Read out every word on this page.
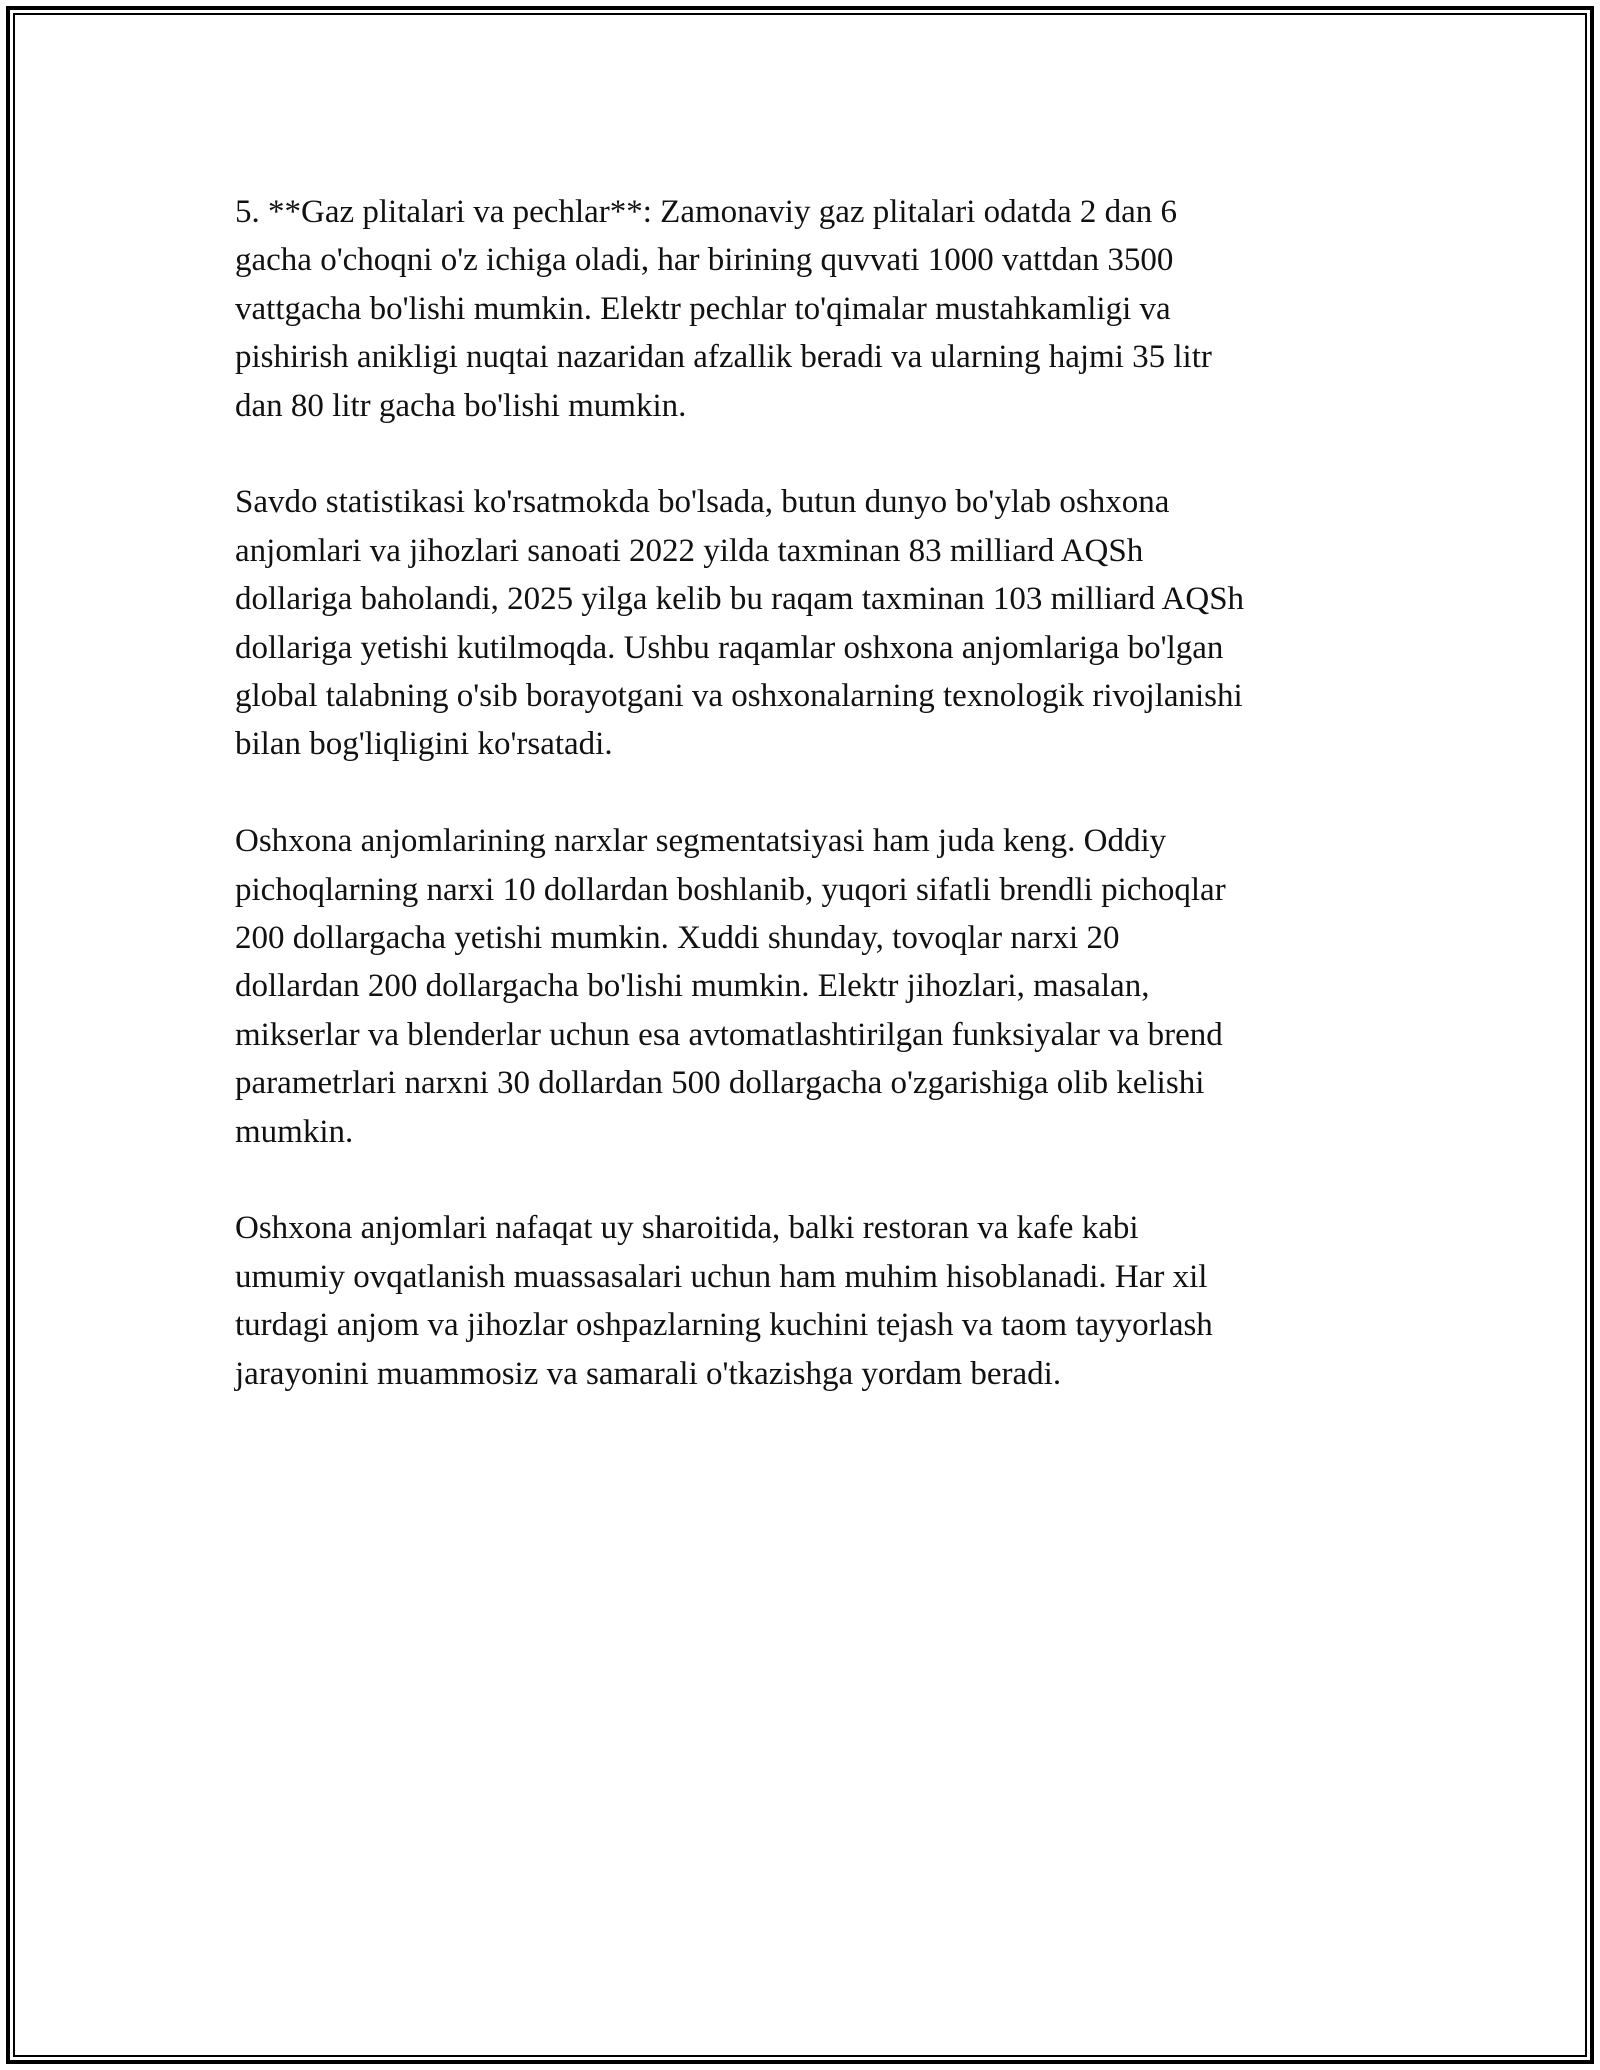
5. **Gaz plitalari va pechlar**: Zamonaviy gaz plitalari odatda 2 dan 6
gacha o'choqni o'z ichiga oladi, har birining quvvati 1000 vattdan 3500
vattgacha bo'lishi mumkin. Elektr pechlar to'qimalar mustahkamligi va
pishirish anikligi nuqtai nazaridan afzallik beradi va ularning hajmi 35 litr
dan 80 litr gacha bo'lishi mumkin.

Savdo statistikasi ko'rsatmokda bo'lsada, butun dunyo bo'ylab oshxona
anjomlari va jihozlari sanoati 2022 yilda taxminan 83 milliard AQSh
dollariga baholandi, 2025 yilga kelib bu raqam taxminan 103 milliard AQSh
dollariga yetishi kutilmoqda. Ushbu raqamlar oshxona anjomlariga bo'lgan
global talabning o'sib borayotgani va oshxonalarning texnologik rivojlanishi
bilan bog'liqligini ko'rsatadi.

Oshxona anjomlarining narxlar segmentatsiyasi ham juda keng. Oddiy
pichoqlarning narxi 10 dollardan boshlanib, yuqori sifatli brendli pichoqlar
200 dollargacha yetishi mumkin. Xuddi shunday, tovoqlar narxi 20
dollardan 200 dollargacha bo'lishi mumkin. Elektr jihozlari, masalan,
mikserlar va blenderlar uchun esa avtomatlashtirilgan funksiyalar va brend
parametrlari narxni 30 dollardan 500 dollargacha o'zgarishiga olib kelishi
mumkin.

Oshxona anjomlari nafaqat uy sharoitida, balki restoran va kafe kabi
umumiy ovqatlanish muassasalari uchun ham muhim hisoblanadi. Har xil
turdagi anjom va jihozlar oshpazlarning kuchini tejash va taom tayyorlash
jarayonini muammosiz va samarali o'tkazishga yordam beradi.
